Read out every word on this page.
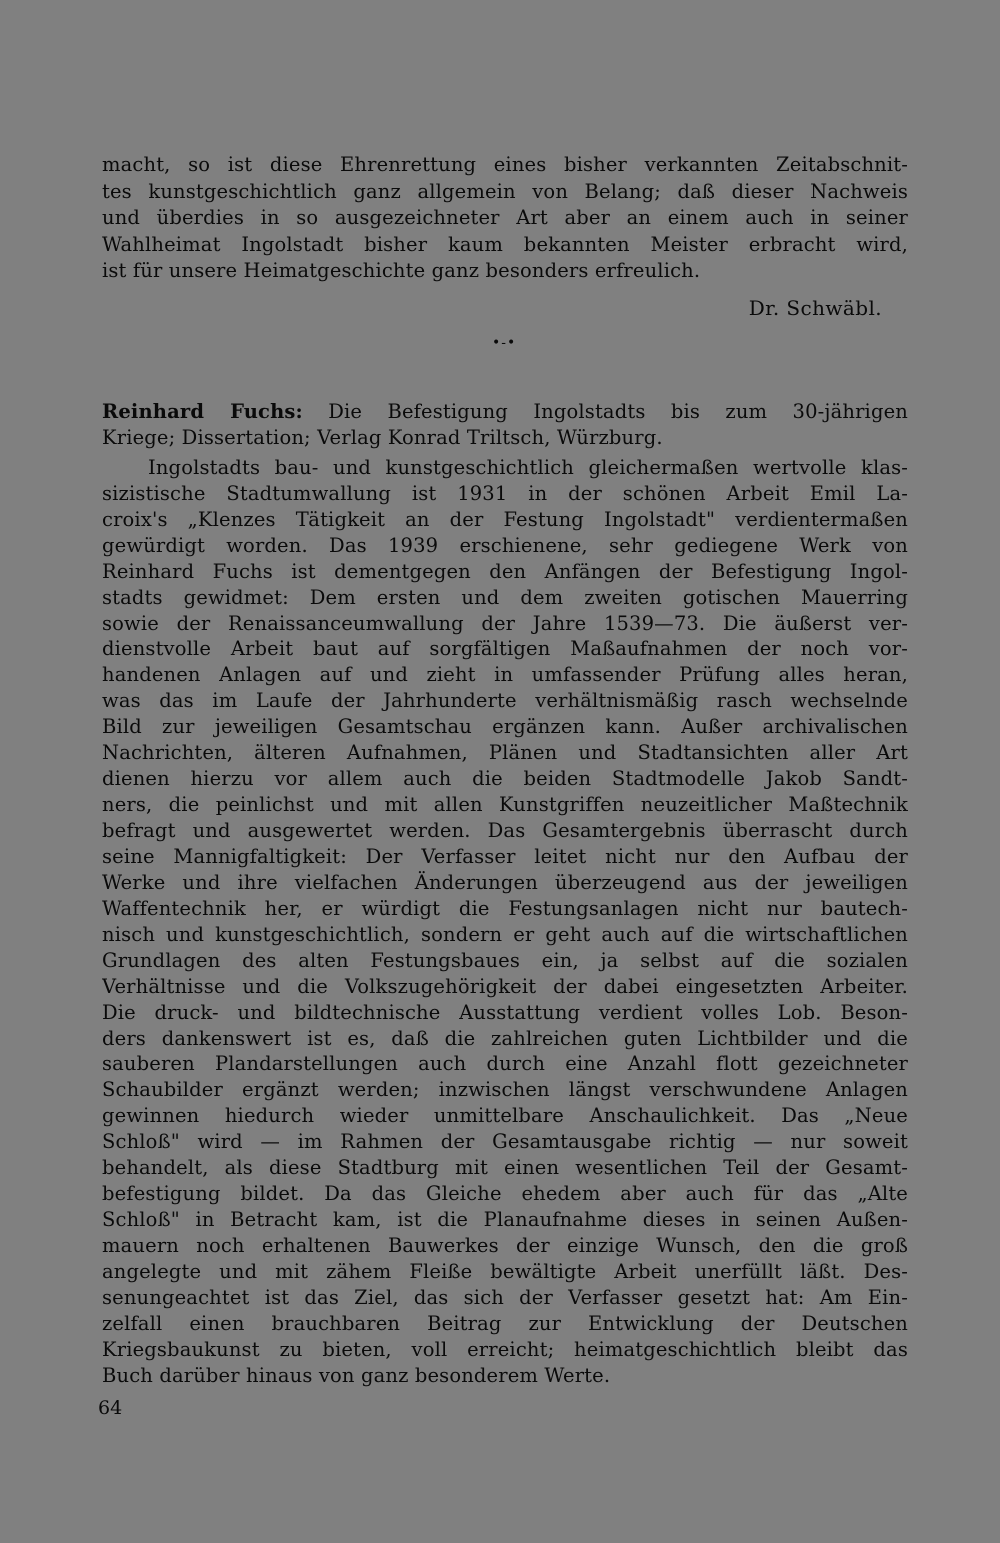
macht, so ist diese Ehrenrettung eines bisher verkannten Zeitabschnit-
tes kunstgeschichtlich ganz allgemein von Belang; daß dieser Nachweis
und überdies in so ausgezeichneter Art aber an einem auch in seiner
Wahlheimat Ingolstadt bisher kaum bekannten Meister erbracht wird,
ist für unsere Heimatgeschichte ganz besonders erfreulich.
Dr. Schwäbl.
•-•
Reinhard Fuchs: Die Befestigung Ingolstadts bis zum 30-jährigen
Kriege; Dissertation; Verlag Konrad Triltsch, Würzburg.
Ingolstadts bau- und kunstgeschichtlich gleichermaßen wertvolle klas-
sizistische Stadtumwallung ist 1931 in der schönen Arbeit Emil La-
croix's „Klenzes Tätigkeit an der Festung Ingolstadt" verdientermaßen
gewürdigt worden. Das 1939 erschienene, sehr gediegene Werk von
Reinhard Fuchs ist dementgegen den Anfängen der Befestigung Ingol-
stadts gewidmet: Dem ersten und dem zweiten gotischen Mauerring
sowie der Renaissanceumwallung der Jahre 1539—73. Die äußerst ver-
dienstvolle Arbeit baut auf sorgfältigen Maßaufnahmen der noch vor-
handenen Anlagen auf und zieht in umfassender Prüfung alles heran,
was das im Laufe der Jahrhunderte verhältnismäßig rasch wechselnde
Bild zur jeweiligen Gesamtschau ergänzen kann. Außer archivalischen
Nachrichten, älteren Aufnahmen, Plänen und Stadtansichten aller Art
dienen hierzu vor allem auch die beiden Stadtmodelle Jakob Sandt-
ners, die peinlichst und mit allen Kunstgriffen neuzeitlicher Maßtechnik
befragt und ausgewertet werden. Das Gesamtergebnis überrascht durch
seine Mannigfaltigkeit: Der Verfasser leitet nicht nur den Aufbau der
Werke und ihre vielfachen Änderungen überzeugend aus der jeweiligen
Waffentechnik her, er würdigt die Festungsanlagen nicht nur bautech-
nisch und kunstgeschichtlich, sondern er geht auch auf die wirtschaftlichen
Grundlagen des alten Festungsbaues ein, ja selbst auf die sozialen
Verhältnisse und die Volkszugehörigkeit der dabei eingesetzten Arbeiter.
Die druck- und bildtechnische Ausstattung verdient volles Lob. Beson-
ders dankenswert ist es, daß die zahlreichen guten Lichtbilder und die
sauberen Plandarstellungen auch durch eine Anzahl flott gezeichneter
Schaubilder ergänzt werden; inzwischen längst verschwundene Anlagen
gewinnen hiedurch wieder unmittelbare Anschaulichkeit. Das „Neue
Schloß" wird — im Rahmen der Gesamtausgabe richtig — nur soweit
behandelt, als diese Stadtburg mit einen wesentlichen Teil der Gesamt-
befestigung bildet. Da das Gleiche ehedem aber auch für das „Alte
Schloß" in Betracht kam, ist die Planaufnahme dieses in seinen Außen-
mauern noch erhaltenen Bauwerkes der einzige Wunsch, den die groß
angelegte und mit zähem Fleiße bewältigte Arbeit unerfüllt läßt. Des-
senungeachtet ist das Ziel, das sich der Verfasser gesetzt hat: Am Ein-
zelfall einen brauchbaren Beitrag zur Entwicklung der Deutschen
Kriegsbaukunst zu bieten, voll erreicht; heimatgeschichtlich bleibt das
Buch darüber hinaus von ganz besonderem Werte.
64
